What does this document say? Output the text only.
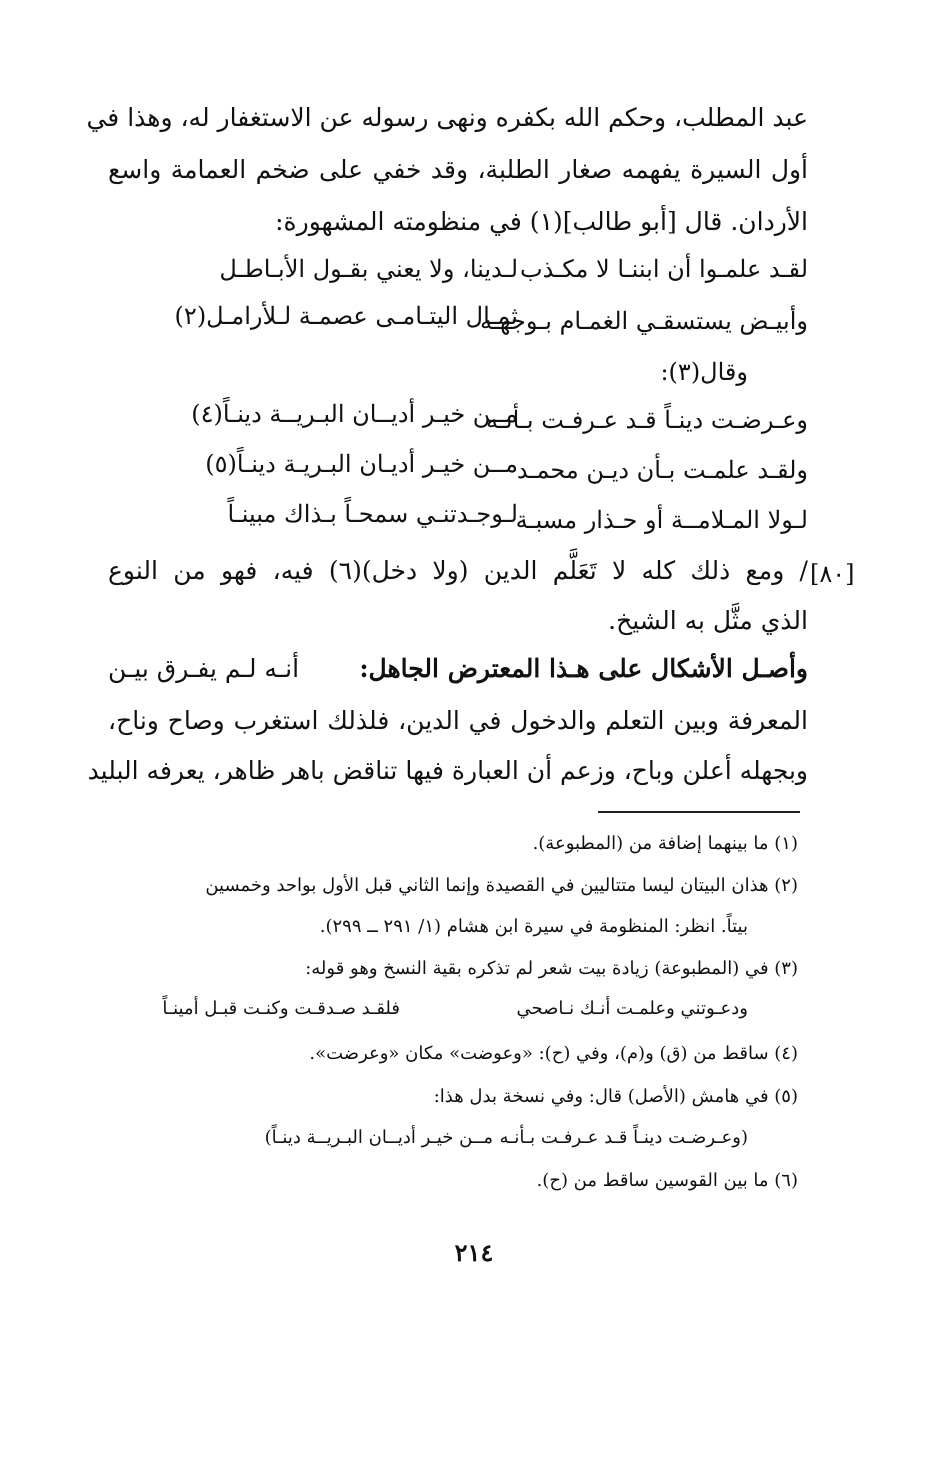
عبد المطلب، وحكم الله بكفره ونهى رسوله عن الاستغفار له، وهذا في
أول السيرة يفهمه صغار الطلبة، وقد خفي على ضخم العمامة واسع
الأردان. قال [أبو طالب](١) في منظومته المشهورة:
لقـد علمـوا أن ابننـا لا مكـذب
لـدينا، ولا يعني بقـول الأبـاطـل
وأبيـض يستسقـي الغمـام بـوجهـه
ثمـال اليتـامـى عصمـة لـلأرامـل(٢)
وقال(٣):
وعـرضـت دينـاً قـد عـرفـت بـأنـه
مــن خيـر أديــان البـريــة دينـاً(٤)
ولقـد علمـت بـأن ديـن محمـد
مــن خيـر أديـان البـريـة دينـاً(٥)
لـولا المـلامــة أو حـذار مسبـة
لـوجـدتنـي سمحـاً بـذاك مبينـاً
[٨٠]
/ ومع ذلك كله لا تَعَلَّم الدين (ولا دخل)(٦) فيه، فهو من النوع
الذي مثَّل به الشيخ.
وأصـل الأشكال على هـذا المعترض الجاهل:
أنـه لـم يفـرق بيـن
المعرفة وبين التعلم والدخول في الدين، فلذلك استغرب وصاح وناح،
وبجهله أعلن وباح، وزعم أن العبارة فيها تناقض باهر ظاهر، يعرفه البليد
(١) ما بينهما إضافة من (المطبوعة).
(٢) هذان البيتان ليسا متتاليين في القصيدة وإنما الثاني قبل الأول بواحد وخمسين
بيتاً. انظر: المنظومة في سيرة ابن هشام (١/ ٢٩١ ــ ٢٩٩).
(٣) في (المطبوعة) زيادة بيت شعر لم تذكره بقية النسخ وهو قوله:
ودعـوتني وعلمـت أنـك نـاصحي
فلقـد صـدقـت وكنـت قبـل أمينـاً
(٤) ساقط من (ق) و(م)، وفي (ح): «وعوضت» مكان «وعرضت».
(٥) في هامش (الأصل) قال: وفي نسخة بدل هذا:
(وعـرضـت دينـاً قـد عـرفـت بـأنـه
مــن خيـر أديــان البـريــة دينـاً)
(٦) ما بين القوسين ساقط من (ح).
٢١٤
